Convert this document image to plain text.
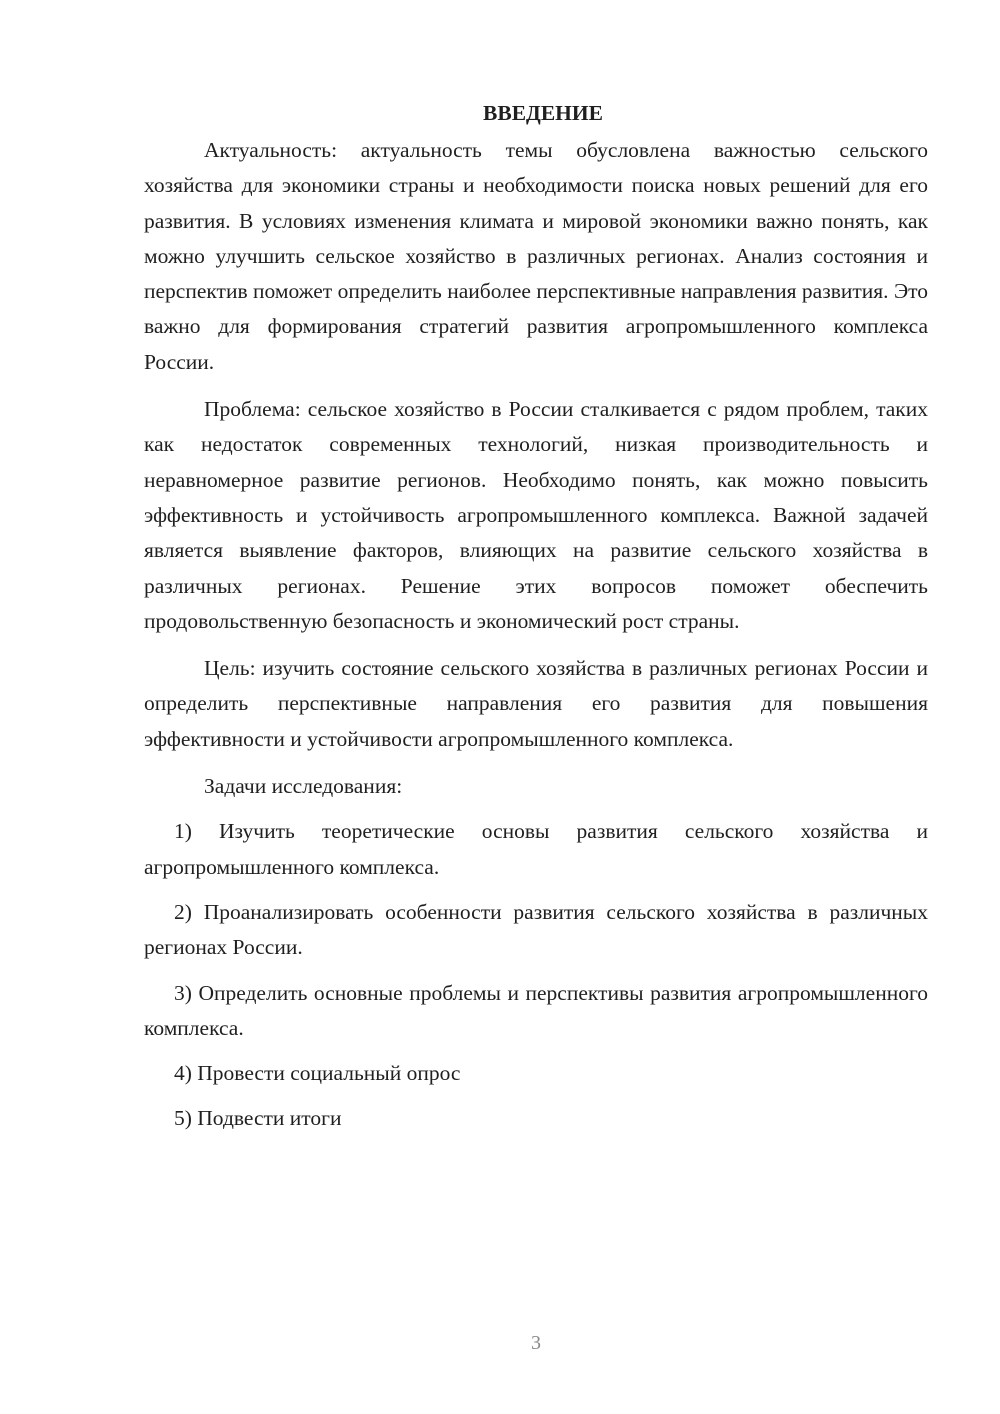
ВВЕДЕНИЕ

Актуальность: актуальность темы обусловлена важностью сельского хозяйства для экономики страны и необходимости поиска новых решений для его развития. В условиях изменения климата и мировой экономики важно понять, как можно улучшить сельское хозяйство в различных регионах. Анализ состояния и перспектив поможет определить наиболее перспективные направления развития. Это важно для формирования стратегий развития агропромышленного комплекса России.

Проблема: сельское хозяйство в России сталкивается с рядом проблем, таких как недостаток современных технологий, низкая производительность и неравномерное развитие регионов. Необходимо понять, как можно повысить эффективность и устойчивость агропромышленного комплекса. Важной задачей является выявление факторов, влияющих на развитие сельского хозяйства в различных регионах. Решение этих вопросов поможет обеспечить продовольственную безопасность и экономический рост страны.

Цель: изучить состояние сельского хозяйства в различных регионах России и определить перспективные направления его развития для повышения эффективности и устойчивости агропромышленного комплекса.

Задачи исследования:

1) Изучить теоретические основы развития сельского хозяйства и агропромышленного комплекса.

2) Проанализировать особенности развития сельского хозяйства в различных регионах России.

3) Определить основные проблемы и перспективы развития агропромышленного комплекса.

4) Провести социальный опрос

5) Подвести итоги

3
